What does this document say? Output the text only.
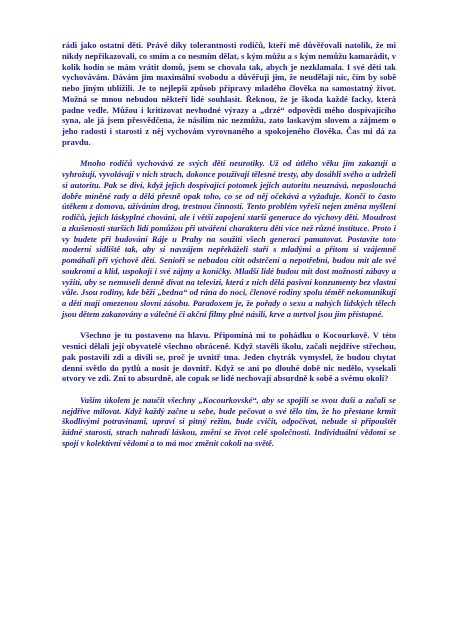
rádi jako ostatní děti. Právě díky tolerantnosti rodičů, kteří mě důvěřovali natolik, že mi nikdy nepřikazovali, co smím a co nesmím dělat, s kým můžu a s kým nemůžu kamarádit, v kolik hodin se mám vrátit domů, jsem se chovala tak, abych je nezklamala. I své děti tak vychovávám. Dávám jim maximální svobodu a důvěřuji jim, že neudělají nic, čím by sobě nebo jiným ublížili. Je to nejlepší způsob přípravy mladého člověka na samostatný život. Možná se mnou nebudou někteří lidé souhlasit. Řeknou, že je škoda každé facky, která padne vedle. Můžou i kritizovat nevhodné výrazy a „drzé“ odpovědi mého dospívajícího syna, ale já jsem přesvědčena, že násilím nic nezmůžu, zato laskavým slovem a zájmem o jeho radosti i starosti z něj vychovám vyrovnaného a spokojeného člověka. Čas mi dá za pravdu.

Mnoho rodičů vychovává ze svých dětí neurotiky. Už od útlého věku jim zakazují a vyhrožují, vyvolávají v nich strach, dokonce používají tělesné tresty, aby dosáhli svého a udrželi si autoritu. Pak se diví, když jejich dospívající potomek jejich autoritu neuznává, neposlouchá dobře míněné rady a dělá přesně opak toho, co se od něj očekává a vyžaduje. Končí to často útěkem z domova, užíváním drog, trestnou činností. Tento problém vyřeší nejen změna myšlení rodičů, jejich láskyplné chování, ale i větší zapojení starší generace do výchovy dětí. Moudrost a zkušenosti starších lidí pomůžou při utváření charakteru dětí více než různé instituce. Proto i vy budete při budování Ráje u Prahy na soužití všech generací pamatovat. Postavíte toto moderní sídliště tak, aby si navzájem nepřekáželi staří s mladými a přitom si vzájemně pomáhali při výchově dětí. Senioři se nebudou cítit odstrčení a nepotřební, budou mít ale své soukromí a klid, uspokojí i své zájmy a koníčky. Mladší lidé budou mít dost možností zábavy a vyžití, aby se nemuseli denně dívat na televizi, která z nich dělá pasivní konzumenty bez vlastní vůle. Jsou rodiny, kde běží „bedna“ od rána do noci, členové rodiny spolu téměř nekomunikují a děti mají omezenou slovní zásobu. Paradoxem je, že pořady o sexu a nahých lidských tělech jsou dětem zakazovány a válečné či akční filmy plné násilí, krve a mrtvol jsou jim přístupné.

Všechno je tu postaveno na hlavu. Připomíná mi to pohádku o Kocourkově. V této vesnici dělali její obyvatelé všechno obráceně. Když stavěli školu, začali nejdříve střechou, pak postavili zdi a divili se, proč je uvnitř tma. Jeden chytrák vymyslel, že budou chytat denní světlo do pytlů a nosit je dovnitř. Když se ani po dlouhé době nic nedělo, vysekali otvory ve zdi. Zní to absurdně, ale copak se lidé nechovají absurdně k sobě a svému okolí?

Vaším úkolem je naučit všechny „Kocourkovské“, aby se spojili se svou duší a začali se nejdříve milovat. Když každý začne u sebe, bude pečovat o své tělo tím, že ho přestane krmit škodlivými potravinami, upraví si pitný režim, bude cvičit, odpočívat, nebude si připouštět žádné starosti, strach nahradí láskou, změní se život celé společnosti. Individuální vědomí se spojí v kolektivní vědomí a to má moc změnit cokoli na světě.
